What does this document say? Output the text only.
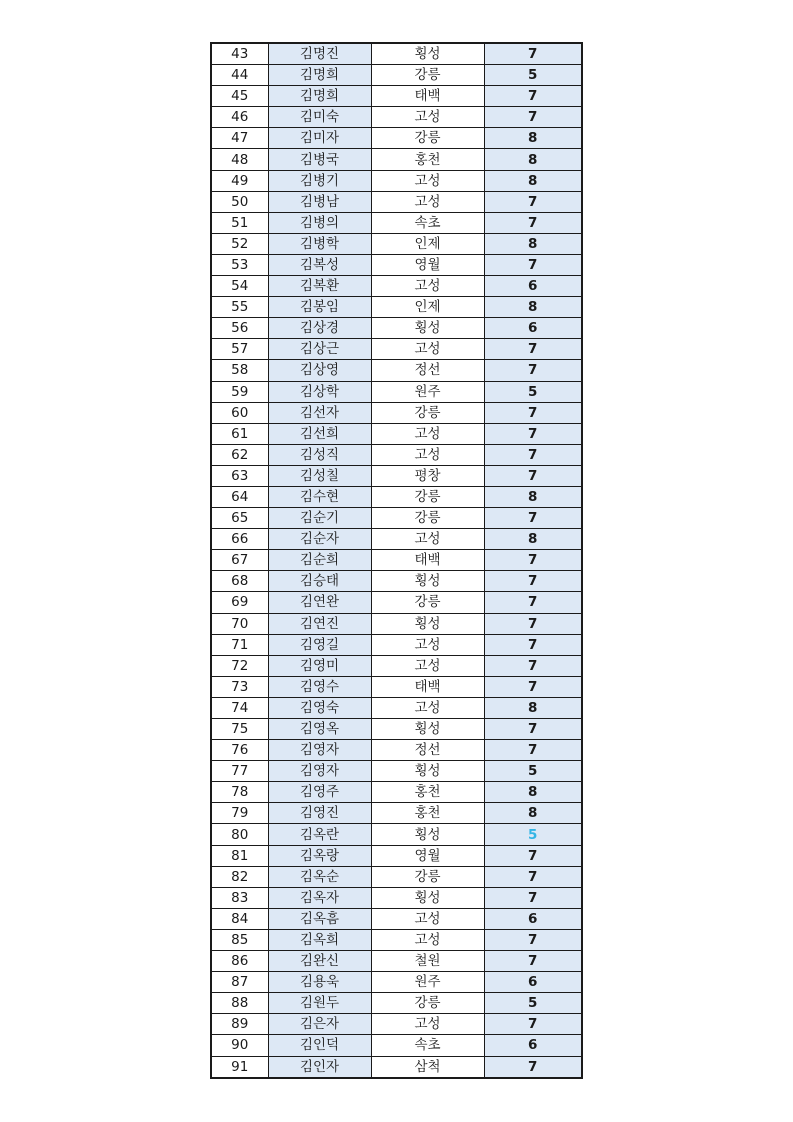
43	김명진	횡성	7
44	김명희	강릉	5
45	김명희	태백	7
46	김미숙	고성	7
47	김미자	강릉	8
48	김병국	홍천	8
49	김병기	고성	8
50	김병남	고성	7
51	김병의	속초	7
52	김병학	인제	8
53	김복성	영월	7
54	김복환	고성	6
55	김봉임	인제	8
56	김상경	횡성	6
57	김상근	고성	7
58	김상영	정선	7
59	김상학	원주	5
60	김선자	강릉	7
61	김선희	고성	7
62	김성직	고성	7
63	김성칠	평창	7
64	김수현	강릉	8
65	김순기	강릉	7
66	김순자	고성	8
67	김순희	태백	7
68	김승태	횡성	7
69	김연완	강릉	7
70	김연진	횡성	7
71	김영길	고성	7
72	김영미	고성	7
73	김영수	태백	7
74	김영숙	고성	8
75	김영옥	횡성	7
76	김영자	정선	7
77	김영자	횡성	5
78	김영주	홍천	8
79	김영진	홍천	8
80	김옥란	횡성	5
81	김옥랑	영월	7
82	김옥순	강릉	7
83	김옥자	횡성	7
84	김옥흠	고성	6
85	김옥희	고성	7
86	김완신	철원	7
87	김용욱	원주	6
88	김원두	강릉	5
89	김은자	고성	7
90	김인덕	속초	6
91	김인자	삼척	7
